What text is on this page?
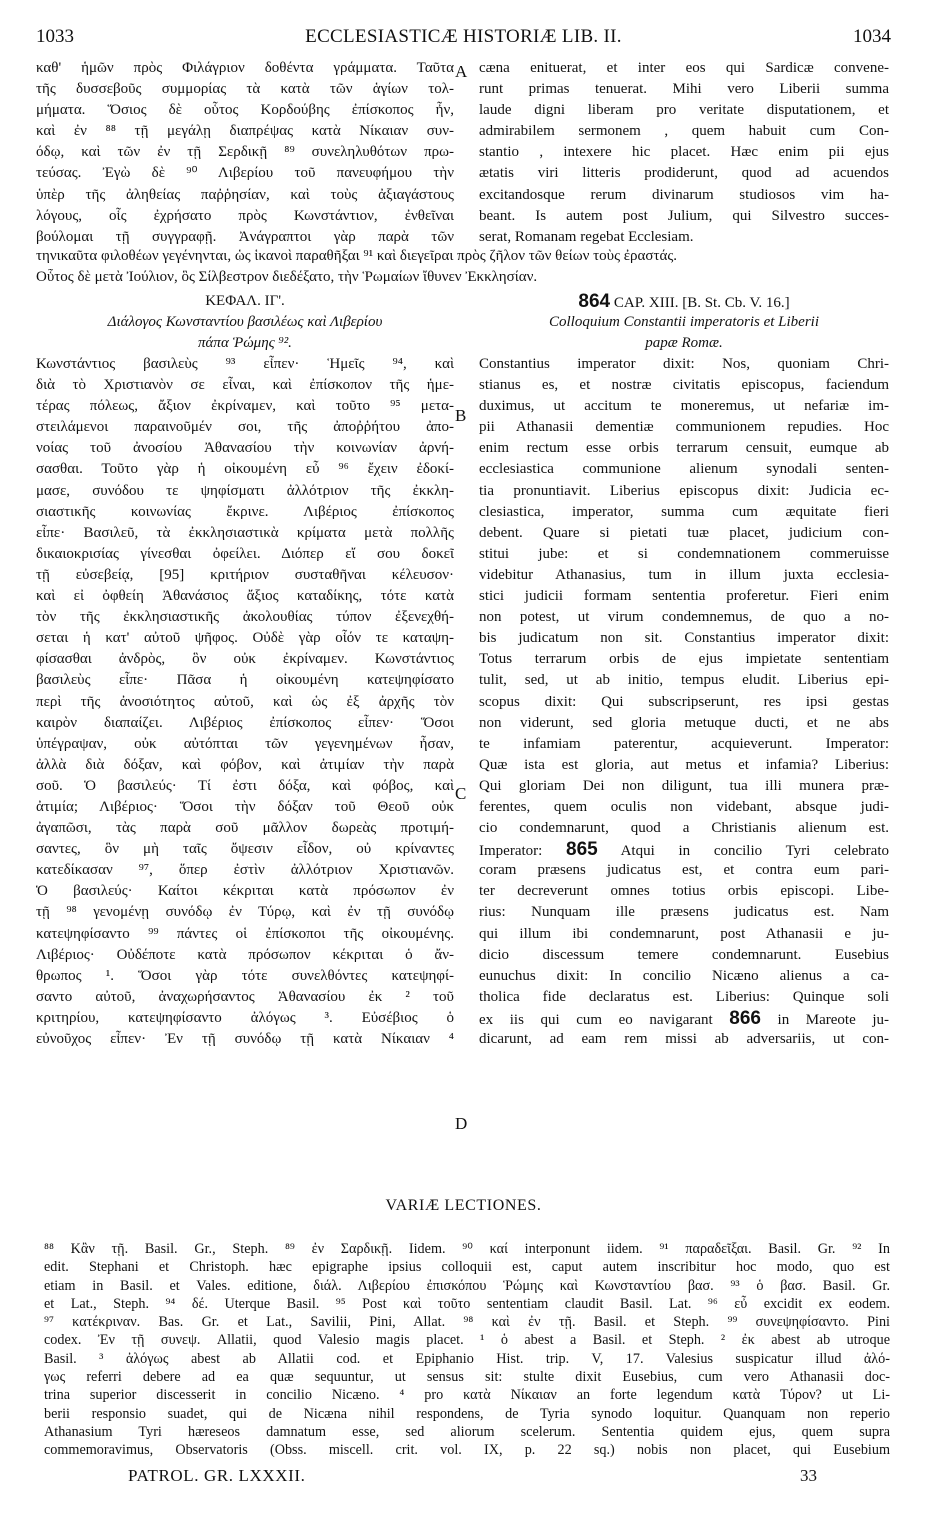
1033	ECCLESIASTICÆ HISTORIÆ LIB. II.	1034
καθ' ἡμῶν πρὸς Φιλάγριον δοθέντα γράμματα. Ταῦτα
τῆς δυσσεβοῦς συμμορίας τὰ κατὰ τῶν ἁγίων τολ-
μήματα. Ὅσιος δὲ οὗτος Κορδούβης ἐπίσκοπος ἦν,
καὶ ἐν ⁸⁸ τῇ μεγάλῃ διαπρέψας κατὰ Νίκαιαν συν-
όδῳ, καὶ τῶν ἐν τῇ Σερδικῇ ⁸⁹ συνεληλυθότων πρω-
τεύσας. Ἐγὼ δὲ ⁹⁰ Λιβερίου τοῦ πανευφήμου τὴν
ὑπὲρ τῆς ἀληθείας παῤῥησίαν, καὶ τοὺς ἀξιαγάστους
λόγους, οἷς ἐχρήσατο πρὸς Κωνστάντιον, ἐνθεῖναι
βούλομαι τῇ συγγραφῇ. Ἀνάγραπτοι γὰρ παρὰ τῶν
cæna enituerat, et inter eos qui Sardicæ convene-
runt primas tenuerat. Mihi vero Liberii summa
laude digni liberam pro veritate disputationem, et
admirabilem sermonem , quem habuit cum Con-
stantio , intexere hic placet. Hæc enim pii ejus
ætatis viri litteris prodiderunt, quod ad acuendos
excitandosque rerum divinarum studiosos vim ha-
beant. Is autem post Julium, qui Silvestro succes-
serat, Romanam regebat Ecclesiam.
τηνικαῦτα φιλοθέων γεγένηνται, ὡς ἱκανοὶ παραθῆξαι ⁹¹ καὶ διεγεῖραι πρὸς ζῆλον τῶν θείων τοὺς ἐραστάς.
Οὗτος δὲ μετὰ Ἰούλιον, ὃς Σίλβεστρον διεδέξατο, τὴν Ῥωμαίων ἴθυνεν Ἐκκλησίαν.
ΚΕΦΑΛ. ΙΓ'.
Διάλογος Κωνσταντίου βασιλέως καὶ Λιβερίου
πάπα Ῥώμης ⁹².
864 CAP. XIII. [B. St. Cb. V. 16.]
Colloquium Constantii imperatoris et Liberii
papæ Romæ.
Κωνστάντιος βασιλεὺς ⁹³ εἶπεν· Ἡμεῖς ⁹⁴, καὶ
διὰ τὸ Χριστιανὸν σε εἶναι, καὶ ἐπίσκοπον τῆς ἡμε-
τέρας πόλεως, ἄξιον ἐκρίναμεν, καὶ τοῦτο ⁹⁵ μετα-
στειλάμενοι παραινοῦμέν σοι, τῆς ἀποῤῥήτου ἀπο-
νοίας τοῦ ἀνοσίου Ἀθανασίου τὴν κοινωνίαν ἀρνή-
σασθαι. Τοῦτο γὰρ ἡ οἰκουμένη εὖ ⁹⁶ ἔχειν ἐδοκί-
μασε, συνόδου τε ψηφίσματι ἀλλότριον τῆς ἐκκλη-
σιαστικῆς κοινωνίας ἔκρινε. Λιβέριος ἐπίσκοπος
εἶπε· Βασιλεῦ, τὰ ἐκκλησιαστικὰ κρίματα μετὰ πολλῆς
δικαιοκρισίας γίνεσθαι ὀφείλει. Διόπερ εἴ σου δοκεῖ
τῇ εὐσεβείᾳ, [95] κριτήριον συσταθῆναι κέλευσον·
καὶ εἰ ὀφθείη Ἀθανάσιος ἄξιος καταδίκης, τότε κατὰ
τὸν τῆς ἐκκλησιαστικῆς ἀκολουθίας τύπον ἐξενεχθή-
σεται ἡ κατ' αὐτοῦ ψῆφος. Οὐδὲ γὰρ οἷόν τε καταψη-
φίσασθαι ἀνδρὸς, ὃν οὐκ ἐκρίναμεν. Κωνστάντιος
βασιλεὺς εἶπε· Πᾶσα ἡ οἰκουμένη κατεψηφίσατο
περὶ τῆς ἀνοσιότητος αὐτοῦ, καὶ ὡς ἐξ ἀρχῆς τὸν
καιρὸν διαπαίζει. Λιβέριος ἐπίσκοπος εἶπεν· Ὅσοι
ὑπέγραψαν, οὐκ αὐτόπται τῶν γεγενημένων ἦσαν,
ἀλλὰ διὰ δόξαν, καὶ φόβον, καὶ ἀτιμίαν τὴν παρὰ
σοῦ. Ὁ βασιλεύς· Τί ἐστι δόξα, καὶ φόβος, καὶ
ἀτιμία; Λιβέριος· Ὅσοι τὴν δόξαν τοῦ Θεοῦ οὐκ
ἀγαπῶσι, τὰς παρὰ σοῦ μᾶλλον δωρεὰς προτιμή-
σαντες, ὃν μὴ ταῖς ὄψεσιν εἶδον, οὐ κρίναντες
κατεδίκασαν ⁹⁷, ὅπερ ἐστὶν ἀλλότριον Χριστιανῶν.
Ὁ βασιλεύς· Καίτοι κέκριται κατὰ πρόσωπον ἐν
τῇ ⁹⁸ γενομένῃ συνόδῳ ἐν Τύρῳ, καὶ ἐν τῇ συνόδῳ
κατεψηφίσαντο ⁹⁹ πάντες οἱ ἐπίσκοποι τῆς οἰκουμένης.
Λιβέριος· Οὐδέποτε κατὰ πρόσωπον κέκριται ὁ ἄν-
θρωπος ¹. Ὅσοι γὰρ τότε συνελθόντες κατεψηφί-
σαντο αὐτοῦ, ἀναχωρήσαντος Ἀθανασίου ἐκ ² τοῦ
κριτηρίου, κατεψηφίσαντο ἀλόγως ³. Εὐσέβιος ὁ
εὐνοῦχος εἶπεν· Ἐν τῇ συνόδῳ τῇ κατὰ Νίκαιαν ⁴
Constantius imperator dixit: Nos, quoniam Chri-
stianus es, et nostræ civitatis episcopus, faciendum
duximus, ut accitum te moneremus, ut nefariæ im-
pii Athanasii dementiæ communionem repudies. Hoc
enim rectum esse orbis terrarum censuit, eumque ab
ecclesiastica communione alienum synodali senten-
tia pronuntiavit. Liberius episcopus dixit: Judicia ec-
clesiastica, imperator, summa cum æquitate fieri
debent. Quare si pietati tuæ placet, judicium con-
stitui jube: et si condemnationem commeruisse
videbitur Athanasius, tum in illum juxta ecclesia-
stici judicii formam sententia proferetur. Fieri enim
non potest, ut virum condemnemus, de quo a no-
bis judicatum non sit. Constantius imperator dixit:
Totus terrarum orbis de ejus impietate sententiam
tulit, sed, ut ab initio, tempus eludit. Liberius epi-
scopus dixit: Qui subscripserunt, res ipsi gestas
non viderunt, sed gloria metuque ducti, et ne abs
te infamiam paterentur, acquieverunt. Imperator:
Quæ ista est gloria, aut metus et infamia? Liberius:
Qui gloriam Dei non diligunt, tua illi munera præ-
ferentes, quem oculis non videbant, absque judi-
cio condemnarunt, quod a Christianis alienum est.
Imperator: 865 Atqui in concilio Tyri celebrato
coram præsens judicatus est, et contra eum pari-
ter decreverunt omnes totius orbis episcopi. Libe-
rius: Nunquam ille præsens judicatus est. Nam
qui illum ibi condemnarunt, post Athanasii e ju-
dicio discessum temere condemnarunt. Eusebius
eunuchus dixit: In concilio Nicæno alienus a ca-
tholica fide declaratus est. Liberius: Quinque soli
ex iis qui cum eo navigarant 866 in Mareote ju-
dicarunt, ad eam rem missi ab adversariis, ut con-
A
B
C
D
VARIÆ LECTIONES.
⁸⁸ Κἂν τῇ. Basil. Gr., Steph. ⁸⁹ ἐν Σαρδικῇ. Iidem. ⁹⁰ καί interponunt iidem. ⁹¹ παραδεῖξαι. Basil. Gr. ⁹² In
edit. Stephani et Christoph. hæc epigraphe ipsius colloquii est, caput autem inscribitur hoc modo, quo est
etiam in Basil. et Vales. editione, διάλ. Λιβερίου ἐπισκόπου Ῥώμης καὶ Κωνσταντίου βασ. ⁹³ ὁ βασ. Basil. Gr.
et Lat., Steph. ⁹⁴ δέ. Uterque Basil. ⁹⁵ Post καὶ τοῦτο sententiam claudit Basil. Lat. ⁹⁶ εὖ excidit ex eodem.
⁹⁷ κατέκριναν. Bas. Gr. et Lat., Savilii, Pini, Allat. ⁹⁸ καὶ ἐν τῇ. Basil. et Steph. ⁹⁹ συνεψηφίσαντο. Pini
codex. Ἐν τῇ συνεψ. Allatii, quod Valesio magis placet. ¹ ὁ abest a Basil. et Steph. ² ἐκ abest ab utroque
Basil. ³ ἀλόγως abest ab Allatii cod. et Epiphanio Hist. trip. V, 17. Valesius suspicatur illud ἀλό-
γως referri debere ad ea quæ sequuntur, ut sensus sit: stulte dixit Eusebius, cum vero Athanasii doc-
trina superior discesserit in concilio Nicæno. ⁴ pro κατὰ Νίκαιαν an forte legendum κατὰ Τύρον? ut Li-
berii responsio suadet, qui de Nicæna nihil respondens, de Tyria synodo loquitur. Quanquam non reperio
Athanasium Tyri hæreseos damnatum esse, sed aliorum scelerum. Sententia quidem ejus, quem supra
commemoravimus, Observatoris (Obss. miscell. crit. vol. IX, p. 22 sq.) nobis non placet, qui Eusebium
PATROL. GR. LXXXII.	33
